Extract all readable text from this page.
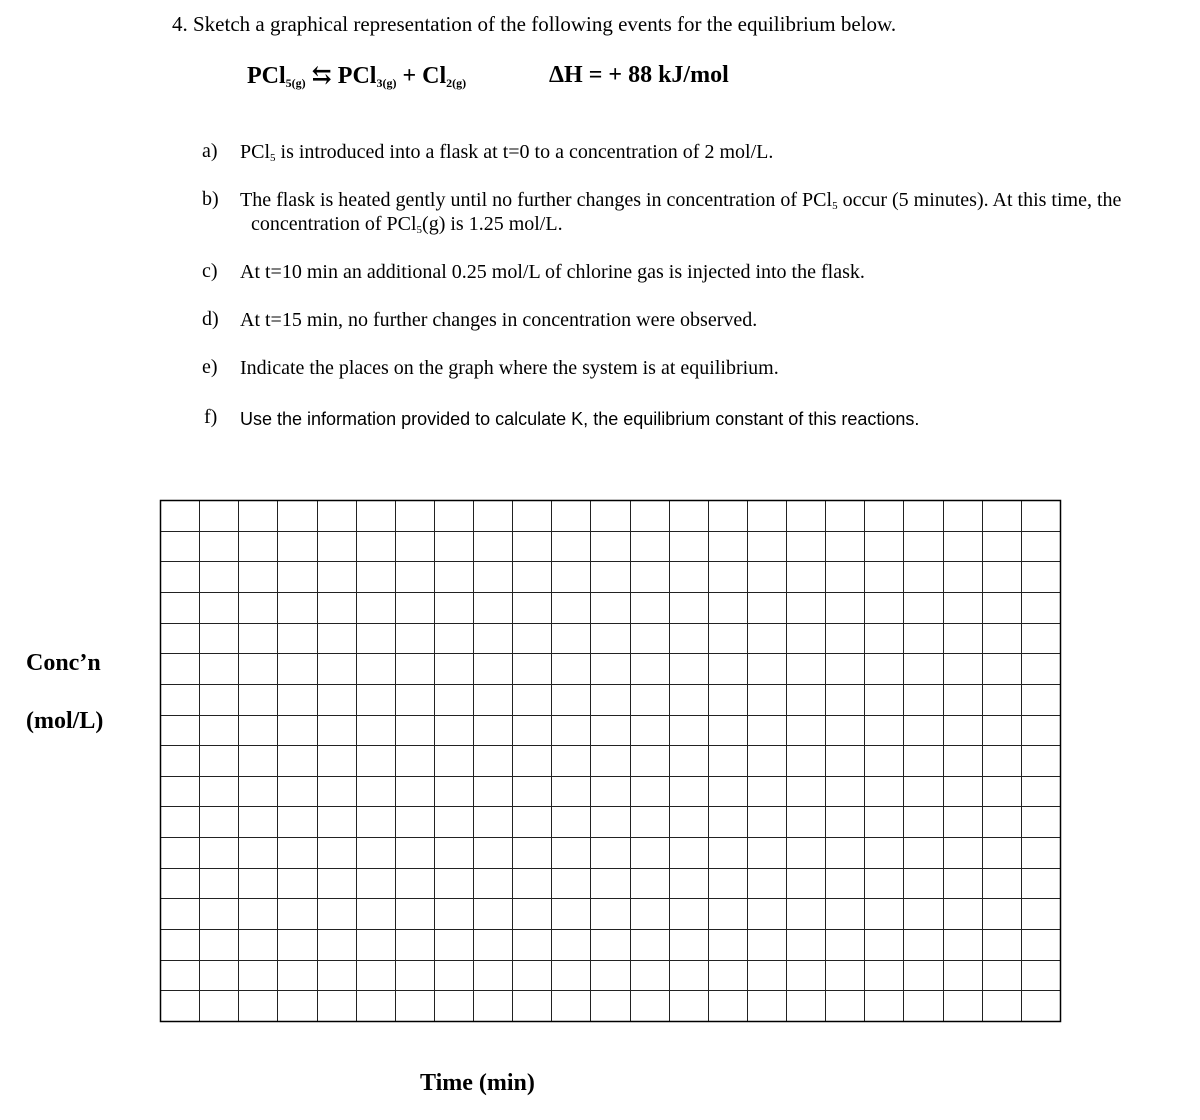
4. Sketch a graphical representation of the following events for the equilibrium below.
PCl$_{5(g)}$ ⇆ $PCl_{3(g)} + Cl_{2(g)}$	ΔH = + 88 kJ/mol
a) PCl$_5$ is introduced into a flask at t=0 to a concentration of 2 mol/L.
b) The flask is heated gently until no further changes in concentration of PCl$_5$ occur (5 minutes). At this time, the
concentration of PCl$_5$(g) is 1.25 mol/L.
c) At t=10 min an additional 0.25 mol/L of chlorine gas is injected into the flask.
d) At t=15 min, no further changes in concentration were observed.
e) Indicate the places on the graph where the system is at equilibrium.
f) Use the information provided to calculate K, the equilibrium constant of this reactions.
Conc’n
(mol/L)
Time (min)
